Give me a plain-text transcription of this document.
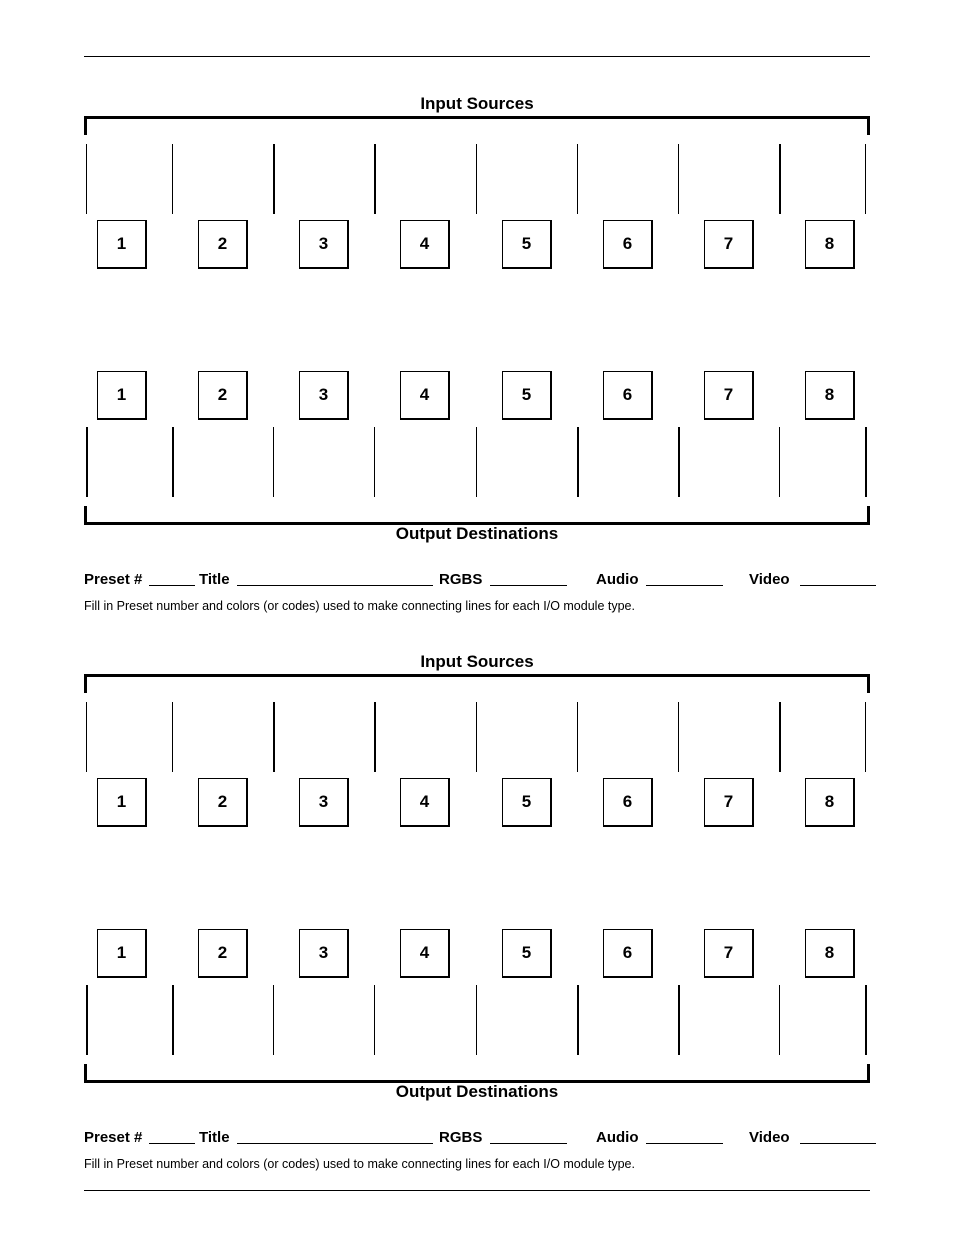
Input Sources
1	2	3	4	5	6	7	8
1	2	3	4	5	6	7	8
Output Destinations
Preset #	Title	RGBS	Audio	Video
Fill in Preset number and colors (or codes) used to make connecting lines for each I/O module type.
Input Sources
1	2	3	4	5	6	7	8
1	2	3	4	5	6	7	8
Output Destinations
Preset #	Title	RGBS	Audio	Video
Fill in Preset number and colors (or codes) used to make connecting lines for each I/O module type.
